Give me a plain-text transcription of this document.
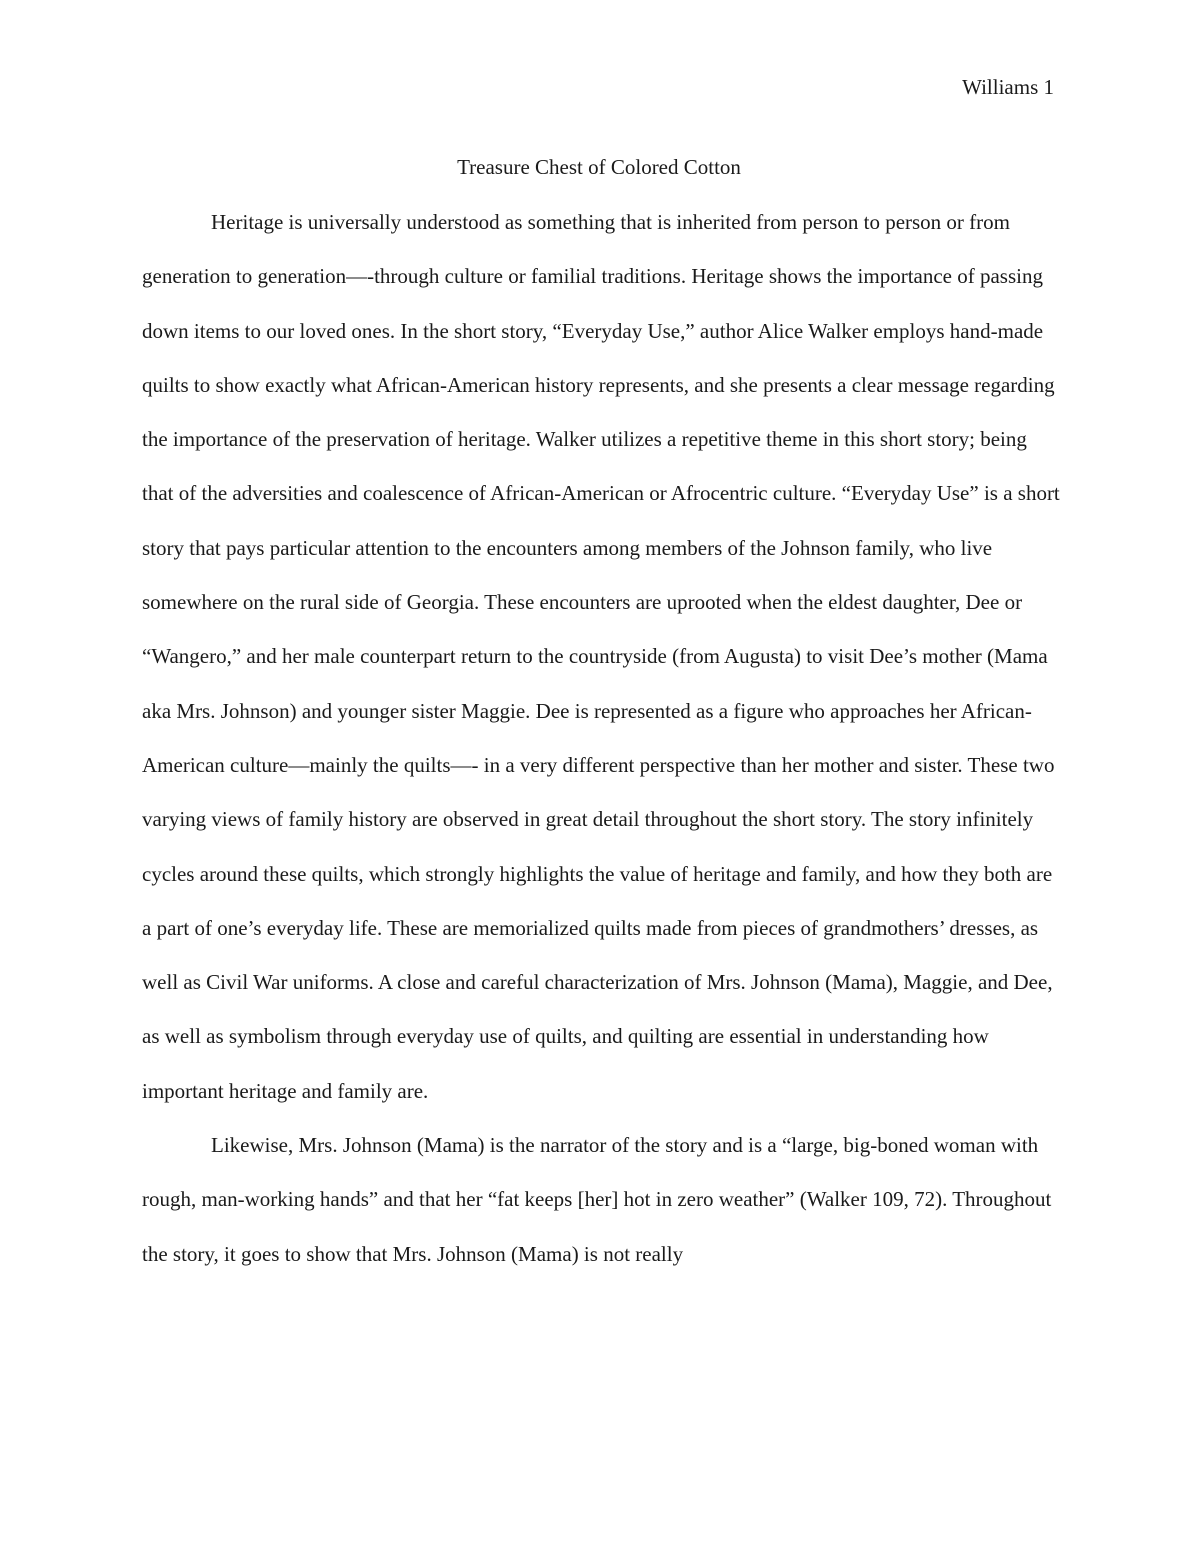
Williams 1
Treasure Chest of Colored Cotton

Heritage is universally understood as something that is inherited from person to person or from generation to generation—-through culture or familial traditions. Heritage shows the importance of passing down items to our loved ones. In the short story, “Everyday Use,” author Alice Walker employs hand-made quilts to show exactly what African-American history represents, and she presents a clear message regarding the importance of the preservation of heritage. Walker utilizes a repetitive theme in this short story; being that of the adversities and coalescence of African-American or Afrocentric culture. “Everyday Use” is a short story that pays particular attention to the encounters among members of the Johnson family, who live somewhere on the rural side of Georgia. These encounters are uprooted when the eldest daughter, Dee or “Wangero,” and her male counterpart return to the countryside (from Augusta) to visit Dee’s mother (Mama aka Mrs. Johnson) and younger sister Maggie. Dee is represented as a figure who approaches her African-American culture—mainly the quilts—- in a very different perspective than her mother and sister. These two varying views of family history are observed in great detail throughout the short story. The story infinitely cycles around these quilts, which strongly highlights the value of heritage and family, and how they both are a part of one’s everyday life. These are memorialized quilts made from pieces of grandmothers’ dresses, as well as Civil War uniforms. A close and careful characterization of Mrs. Johnson (Mama), Maggie, and Dee, as well as symbolism through everyday use of quilts, and quilting are essential in understanding how important heritage and family are.

Likewise, Mrs. Johnson (Mama) is the narrator of the story and is a “large, big-boned woman with rough, man-working hands” and that her “fat keeps [her] hot in zero weather” (Walker 109, 72). Throughout the story, it goes to show that Mrs. Johnson (Mama) is not really
